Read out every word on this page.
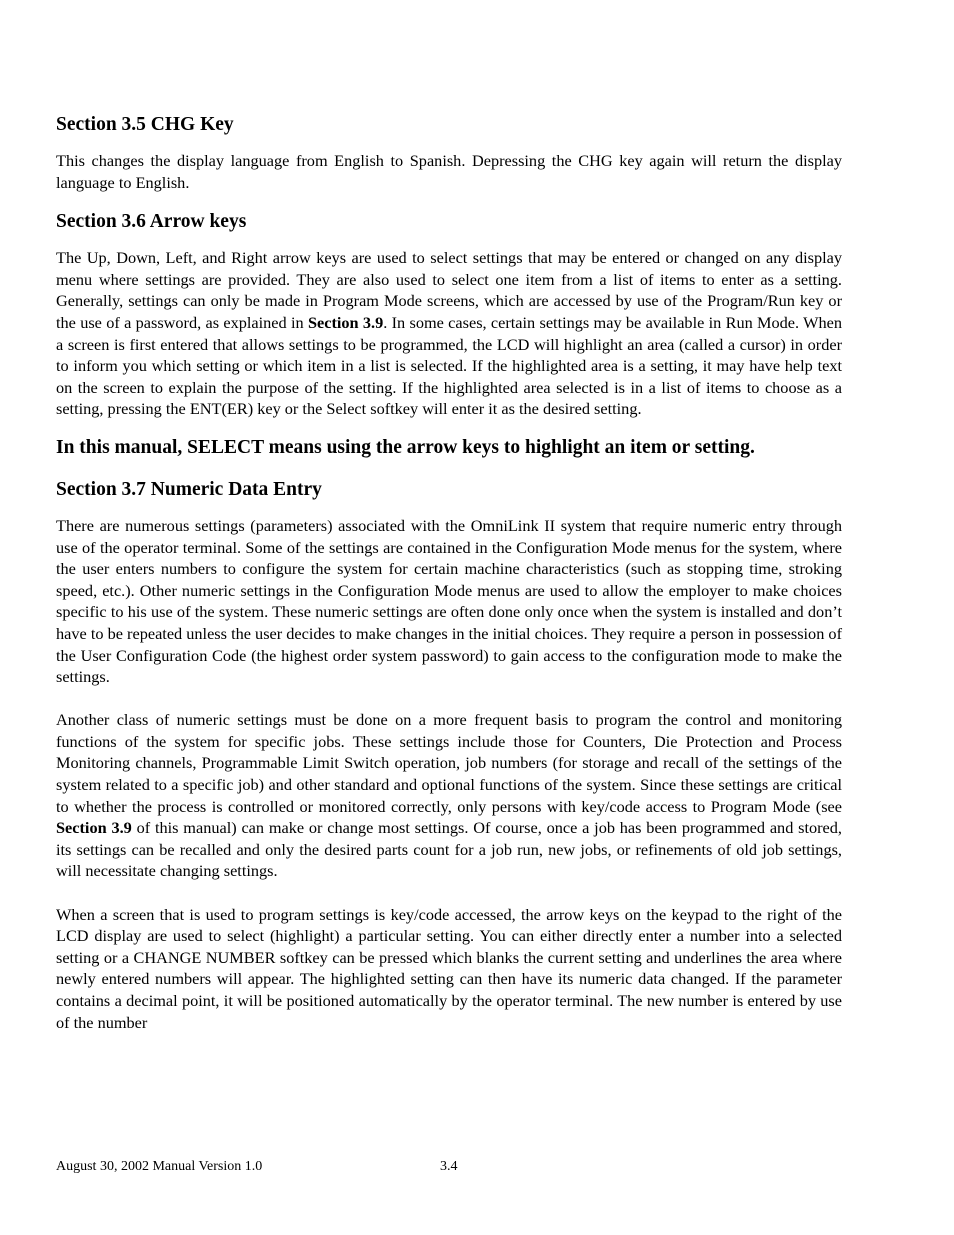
Section 3.5 CHG Key

This changes the display language from English to Spanish. Depressing the CHG key again will return the display language to English.

Section 3.6 Arrow keys

The Up, Down, Left, and Right arrow keys are used to select settings that may be entered or changed on any display menu where settings are provided. They are also used to select one item from a list of items to enter as a setting. Generally, settings can only be made in Program Mode screens, which are accessed by use of the Program/Run key or the use of a password, as explained in Section 3.9. In some cases, certain settings may be available in Run Mode. When a screen is first entered that allows settings to be programmed, the LCD will highlight an area (called a cursor) in order to inform you which setting or which item in a list is selected. If the highlighted area is a setting, it may have help text on the screen to explain the purpose of the setting. If the highlighted area selected is in a list of items to choose as a setting, pressing the ENT(ER) key or the Select softkey will enter it as the desired setting.

In this manual, SELECT means using the arrow keys to highlight an item or setting.

Section 3.7 Numeric Data Entry

There are numerous settings (parameters) associated with the OmniLink II system that require numeric entry through use of the operator terminal. Some of the settings are contained in the Configuration Mode menus for the system, where the user enters numbers to configure the system for certain machine characteristics (such as stopping time, stroking speed, etc.). Other numeric settings in the Configuration Mode menus are used to allow the employer to make choices specific to his use of the system. These numeric settings are often done only once when the system is installed and don’t have to be repeated unless the user decides to make changes in the initial choices. They require a person in possession of the User Configuration Code (the highest order system password) to gain access to the configuration mode to make the settings.

Another class of numeric settings must be done on a more frequent basis to program the control and monitoring functions of the system for specific jobs. These settings include those for Counters, Die Protection and Process Monitoring channels, Programmable Limit Switch operation, job numbers (for storage and recall of the settings of the system related to a specific job) and other standard and optional functions of the system. Since these settings are critical to whether the process is controlled or monitored correctly, only persons with key/code access to Program Mode (see Section 3.9 of this manual) can make or change most settings. Of course, once a job has been programmed and stored, its settings can be recalled and only the desired parts count for a job run, new jobs, or refinements of old job settings, will necessitate changing settings.

When a screen that is used to program settings is key/code accessed, the arrow keys on the keypad to the right of the LCD display are used to select (highlight) a particular setting. You can either directly enter a number into a selected setting or a CHANGE NUMBER softkey can be pressed which blanks the current setting and underlines the area where newly entered numbers will appear. The highlighted setting can then have its numeric data changed. If the parameter contains a decimal point, it will be positioned automatically by the operator terminal. The new number is entered by use of the number

August 30, 2002 Manual Version 1.0	3.4
